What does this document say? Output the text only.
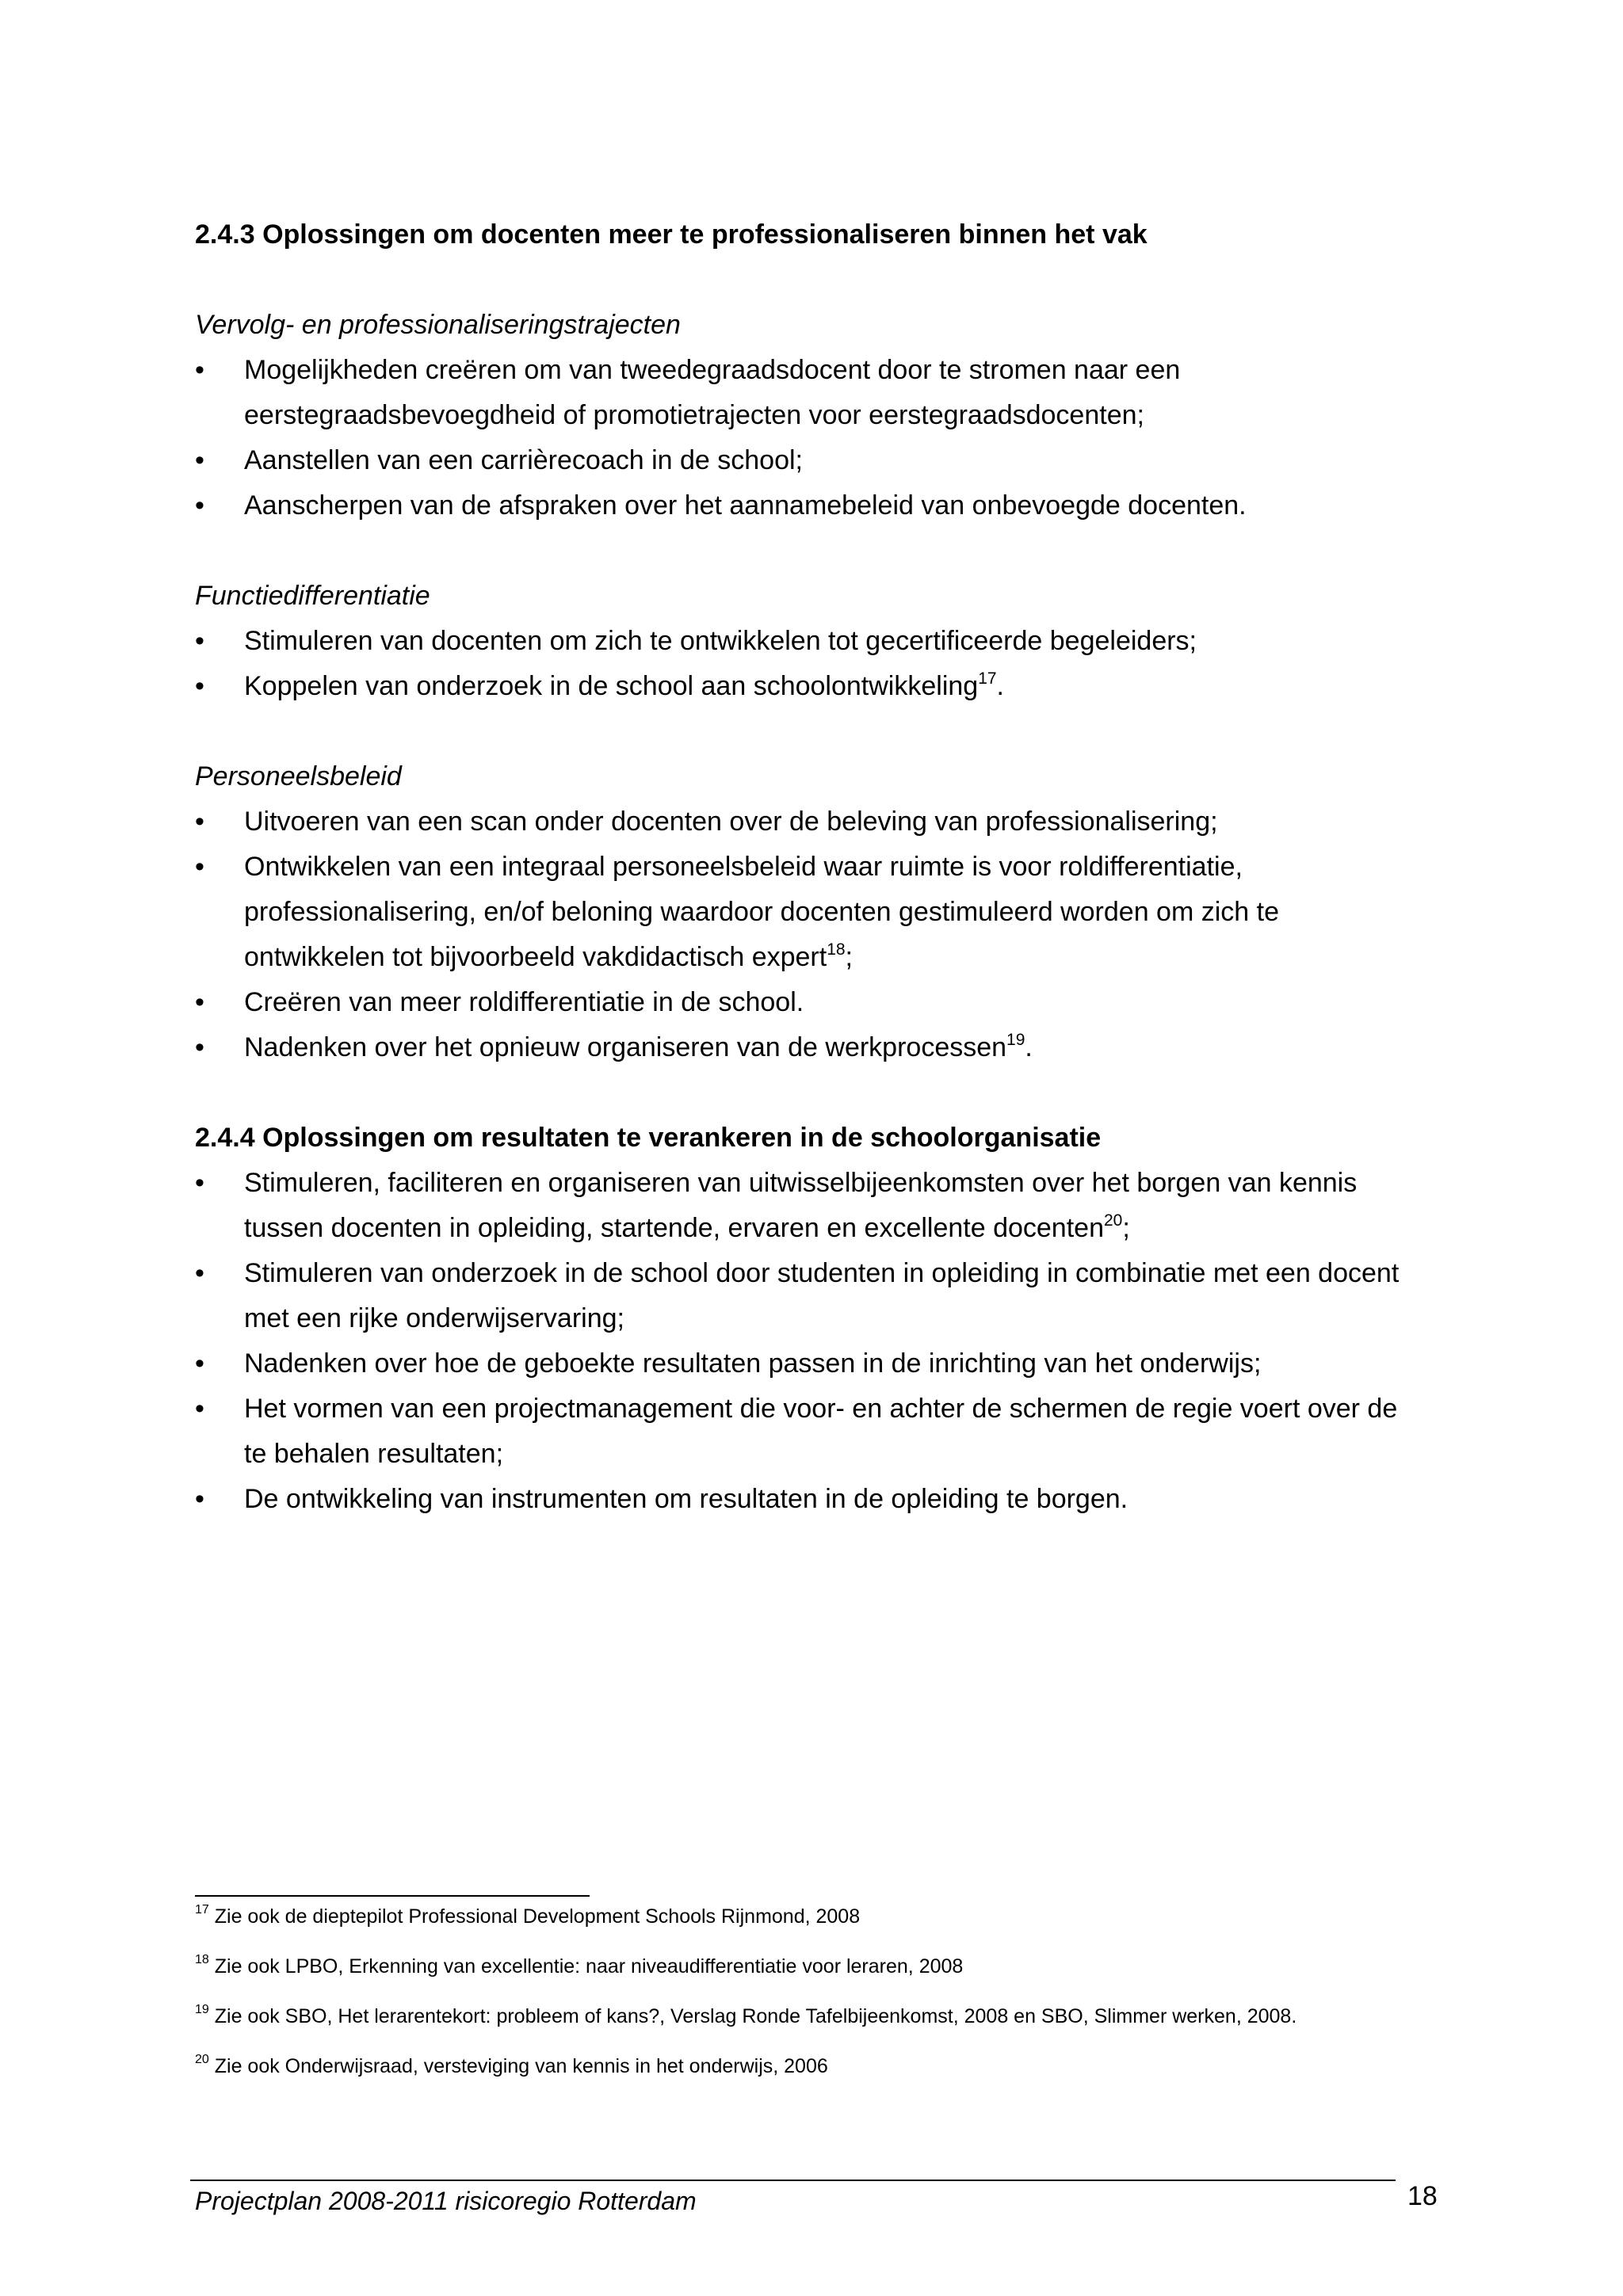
2.4.3 Oplossingen om docenten meer te professionaliseren binnen het vak

Vervolg- en professionaliseringstrajecten

•	Mogelijkheden creëren om van tweedegraadsdocent door te stromen naar een
eerstegraadsbevoegdheid of promotietrajecten voor eerstegraadsdocenten;
•	Aanstellen van een carrièrecoach in de school;
•	Aanscherpen van de afspraken over het aannamebeleid van onbevoegde docenten.

Functiedifferentiatie

•	Stimuleren van docenten om zich te ontwikkelen tot gecertificeerde begeleiders;
•	Koppelen van onderzoek in de school aan schoolontwikkeling$^{17}$.

Personeelsbeleid

•	Uitvoeren van een scan onder docenten over de beleving van professionalisering;
•	Ontwikkelen van een integraal personeelsbeleid waar ruimte is voor roldifferentiatie,
professionalisering, en/of beloning waardoor docenten gestimuleerd worden om zich te
ontwikkelen tot bijvoorbeeld vakdidactisch expert$^{18}$;
•	Creëren van meer roldifferentiatie in de school.
•	Nadenken over het opnieuw organiseren van de werkprocessen$^{19}$.

2.4.4 Oplossingen om resultaten te verankeren in de schoolorganisatie

•	Stimuleren, faciliteren en organiseren van uitwisselbijeenkomsten over het borgen van kennis
tussen docenten in opleiding, startende, ervaren en excellente docenten$^{20}$;
•	Stimuleren van onderzoek in de school door studenten in opleiding in combinatie met een docent
met een rijke onderwijservaring;
•	Nadenken over hoe de geboekte resultaten passen in de inrichting van het onderwijs;
•	Het vormen van een projectmanagement die voor- en achter de schermen de regie voert over de
te behalen resultaten;
•	De ontwikkeling van instrumenten om resultaten in de opleiding te borgen.

$^{17}$ Zie ook de dieptepilot Professional Development Schools Rijnmond, 2008

$^{18}$ Zie ook LPBO, Erkenning van excellentie: naar niveaudifferentiatie voor leraren, 2008

$^{19}$ Zie ook SBO, Het lerarentekort: probleem of kans?, Verslag Ronde Tafelbijeenkomst, 2008 en SBO, Slimmer werken, 2008.

$^{20}$ Zie ook Onderwijsraad, versteviging van kennis in het onderwijs, 2006

Projectplan 2008-2011 risicoregio Rotterdam	18
